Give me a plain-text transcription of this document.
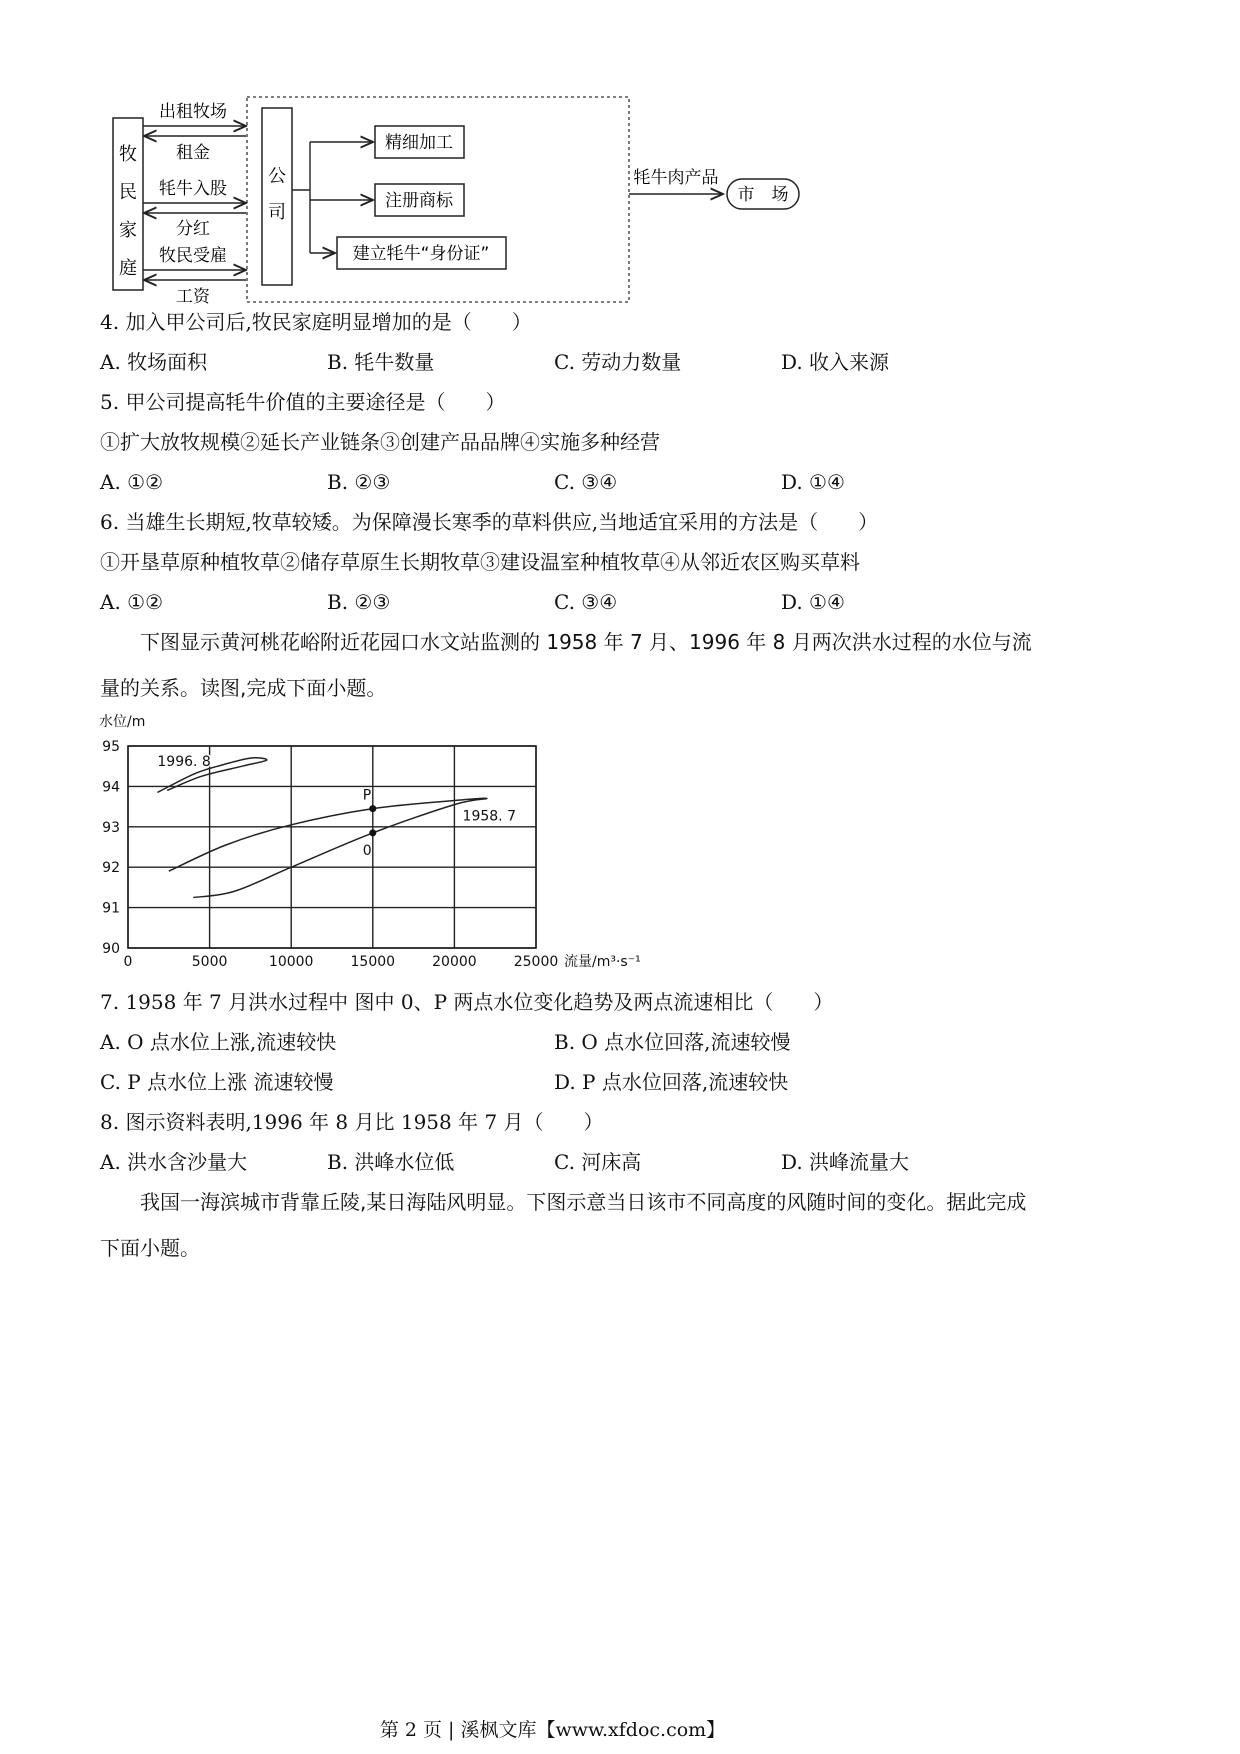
牧
民
家
庭
公
司
出租牧场
租金
牦牛入股
分红
牧民受雇
工资
精细加工
注册商标
建立牦牛“身份证”
牦牛肉产品
市　场
4. 加入甲公司后,牧民家庭明显增加的是（　　）
A. 牧场面积	B. 牦牛数量	C. 劳动力数量	D. 收入来源
5. 甲公司提高牦牛价值的主要途径是（　　）
①扩大放牧规模②延长产业链条③创建产品品牌④实施多种经营
A. ①②	B. ②③	C. ③④	D. ①④
6. 当雄生长期短,牧草较矮。为保障漫长寒季的草料供应,当地适宜采用的方法是（　　）
①开垦草原种植牧草②储存草原生长期牧草③建设温室种植牧草④从邻近农区购买草料
A. ①②	B. ②③	C. ③④	D. ①④
下图显示黄河桃花峪附近花园口水文站监测的 1958 年 7 月、1996 年 8 月两次洪水过程的水位与流
量的关系。读图,完成下面小题。
0	5000	10000	15000	20000	25000
90
91
92
93
94
95
水位/m
流量/m³·s⁻¹
1958. 7
1996. 8
P
0
7. 1958 年 7 月洪水过程中 图中 0、P 两点水位变化趋势及两点流速相比（　　）
A. O 点水位上涨,流速较快	B. O 点水位回落,流速较慢
C. P 点水位上涨 流速较慢	D. P 点水位回落,流速较快
8. 图示资料表明,1996 年 8 月比 1958 年 7 月（　　）
A. 洪水含沙量大	B. 洪峰水位低	C. 河床高	D. 洪峰流量大
我国一海滨城市背靠丘陵,某日海陆风明显。下图示意当日该市不同高度的风随时间的变化。据此完成
下面小题。
第 2 页 | 溪枫文库【www.xfdoc.com】
